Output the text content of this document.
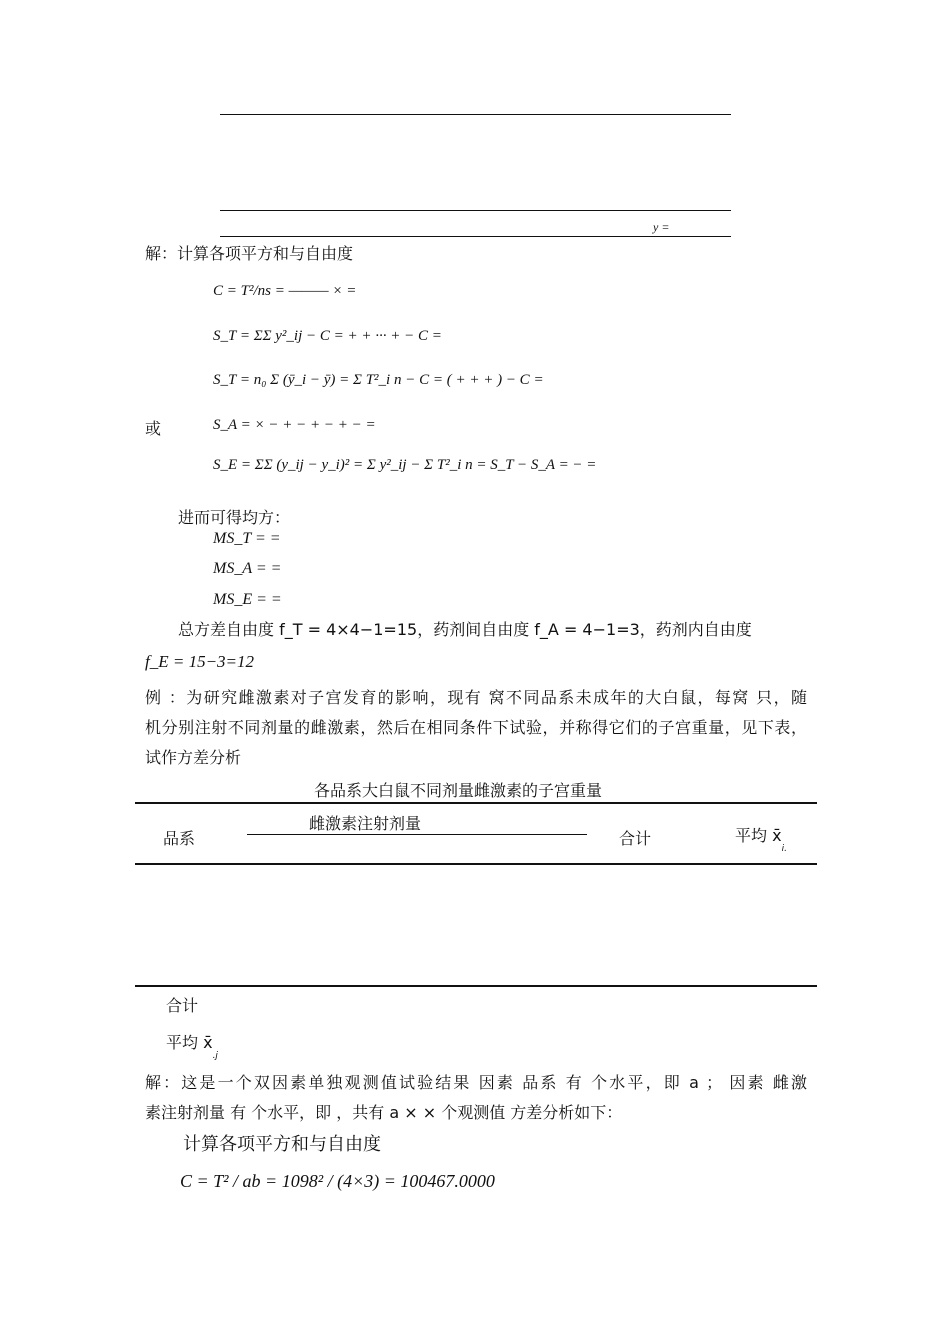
y =
解：计算各项平方和与自由度
C = T²/ns = ——— × =
S_T = ΣΣ y²_ij − C = + + ··· + − C =
S_T = n₀ Σ (ȳ_i − ȳ) = Σ T²_i n − C = ( + + + ) − C =
或	S_A = × − + − + − + − =
S_E = ΣΣ (y_ij − y_i)² = Σ y²_ij − Σ T²_i n = S_T − S_A = − =
进而可得均方：
MS_T = =
MS_A = =
MS_E = =
总方差自由度 f_T = 4×4−1=15，药剂间自由度 f_A = 4−1=3，药剂内自由度
f_E = 15−3=12
例 ：为研究雌激素对子宫发育的影响，现有 窝不同品系未成年的大白鼠，每窝 只，随
机分别注射不同剂量的雌激素，然后在相同条件下试验，并称得它们的子宫重量，见下表，
试作方差分析
各品系大白鼠不同剂量雌激素的子宫重量
雌激素注射剂量
品系	合计	平均 $x̄_{i.}$
合计
平均 $x̄_{.j}$
解：这是一个双因素单独观测值试验结果 因素 品系 有 个水平，即 a ； 因素 雌激
素注射剂量 有 个水平，即 ，共有 a × × 个观测值 方差分析如下：
计算各项平方和与自由度
C = T² / ab = 1098² / (4×3) = 100467.0000
